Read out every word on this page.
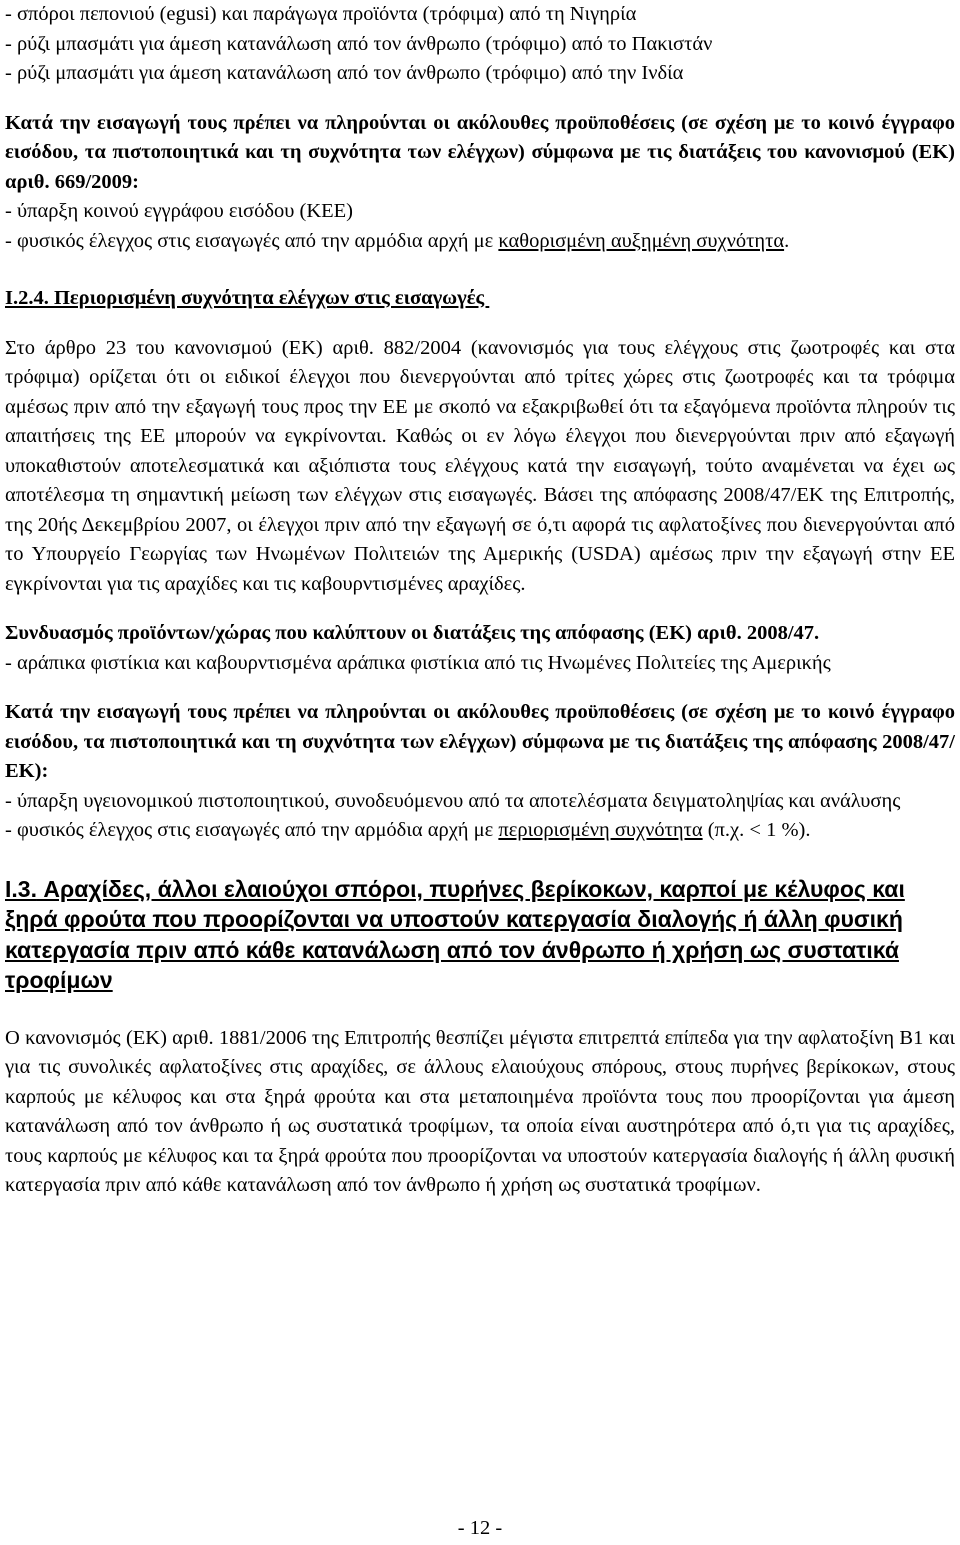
- σπόροι πεπονιού (egusi) και παράγωγα προϊόντα (τρόφιμα) από τη Νιγηρία

- ρύζι μπασμάτι για άμεση κατανάλωση από τον άνθρωπο (τρόφιμο) από το Πακιστάν

- ρύζι μπασμάτι για άμεση κατανάλωση από τον άνθρωπο (τρόφιμο) από την Ινδία

Κατά την εισαγωγή τους πρέπει να πληρούνται οι ακόλουθες προϋποθέσεις (σε σχέση με το κοινό έγγραφο εισόδου, τα πιστοποιητικά και τη συχνότητα των ελέγχων) σύμφωνα με τις διατάξεις του κανονισμού (ΕΚ) αριθ. 669/2009:

- ύπαρξη κοινού εγγράφου εισόδου (ΚΕΕ)

- φυσικός έλεγχος στις εισαγωγές από την αρμόδια αρχή με καθορισμένη αυξημένη συχνότητα.

I.2.4. Περιορισμένη συχνότητα ελέγχων στις εισαγωγές

Στο άρθρο 23 του κανονισμού (ΕΚ) αριθ. 882/2004 (κανονισμός για τους ελέγχους στις ζωοτροφές και στα τρόφιμα) ορίζεται ότι οι ειδικοί έλεγχοι που διενεργούνται από τρίτες χώρες στις ζωοτροφές και τα τρόφιμα αμέσως πριν από την εξαγωγή τους προς την ΕΕ με σκοπό να εξακριβωθεί ότι τα εξαγόμενα προϊόντα πληρούν τις απαιτήσεις της ΕΕ μπορούν να εγκρίνονται. Καθώς οι εν λόγω έλεγχοι που διενεργούνται πριν από εξαγωγή υποκαθιστούν αποτελεσματικά και αξιόπιστα τους ελέγχους κατά την εισαγωγή, τούτο αναμένεται να έχει ως αποτέλεσμα τη σημαντική μείωση των ελέγχων στις εισαγωγές. Βάσει της απόφασης 2008/47/ΕΚ της Επιτροπής, της 20ής Δεκεμβρίου 2007, οι έλεγχοι πριν από την εξαγωγή σε ό,τι αφορά τις αφλατοξίνες που διενεργούνται από το Υπουργείο Γεωργίας των Ηνωμένων Πολιτειών της Αμερικής (USDA) αμέσως πριν την εξαγωγή στην ΕΕ εγκρίνονται για τις αραχίδες και τις καβουρντισμένες αραχίδες.

Συνδυασμός προϊόντων/χώρας που καλύπτουν οι διατάξεις της απόφασης (ΕΚ) αριθ. 2008/47.

- αράπικα φιστίκια και καβουρντισμένα αράπικα φιστίκια από τις Ηνωμένες Πολιτείες της Αμερικής

Κατά την εισαγωγή τους πρέπει να πληρούνται οι ακόλουθες προϋποθέσεις (σε σχέση με το κοινό έγγραφο εισόδου, τα πιστοποιητικά και τη συχνότητα των ελέγχων) σύμφωνα με τις διατάξεις της απόφασης 2008/47/ΕΚ):

- ύπαρξη υγειονομικού πιστοποιητικού, συνοδευόμενου από τα αποτελέσματα δειγματοληψίας και ανάλυσης

- φυσικός έλεγχος στις εισαγωγές από την αρμόδια αρχή με περιορισμένη συχνότητα (π.χ. < 1 %).

I.3. Αραχίδες, άλλοι ελαιούχοι σπόροι, πυρήνες βερίκοκων, καρποί με κέλυφος και ξηρά φρούτα που προορίζονται να υποστούν κατεργασία διαλογής ή άλλη φυσική κατεργασία πριν από κάθε κατανάλωση από τον άνθρωπο ή χρήση ως συστατικά τροφίμων

Ο κανονισμός (ΕΚ) αριθ. 1881/2006 της Επιτροπής θεσπίζει μέγιστα επιτρεπτά επίπεδα για την αφλατοξίνη Β1 και για τις συνολικές αφλατοξίνες στις αραχίδες, σε άλλους ελαιούχους σπόρους, στους πυρήνες βερίκοκων, στους καρπούς με κέλυφος και στα ξηρά φρούτα και στα μεταποιημένα προϊόντα τους που προορίζονται για άμεση κατανάλωση από τον άνθρωπο ή ως συστατικά τροφίμων, τα οποία είναι αυστηρότερα από ό,τι για τις αραχίδες, τους καρπούς με κέλυφος και τα ξηρά φρούτα που προορίζονται να υποστούν κατεργασία διαλογής ή άλλη φυσική κατεργασία πριν από κάθε κατανάλωση από τον άνθρωπο ή χρήση ως συστατικά τροφίμων.

- 12 -
